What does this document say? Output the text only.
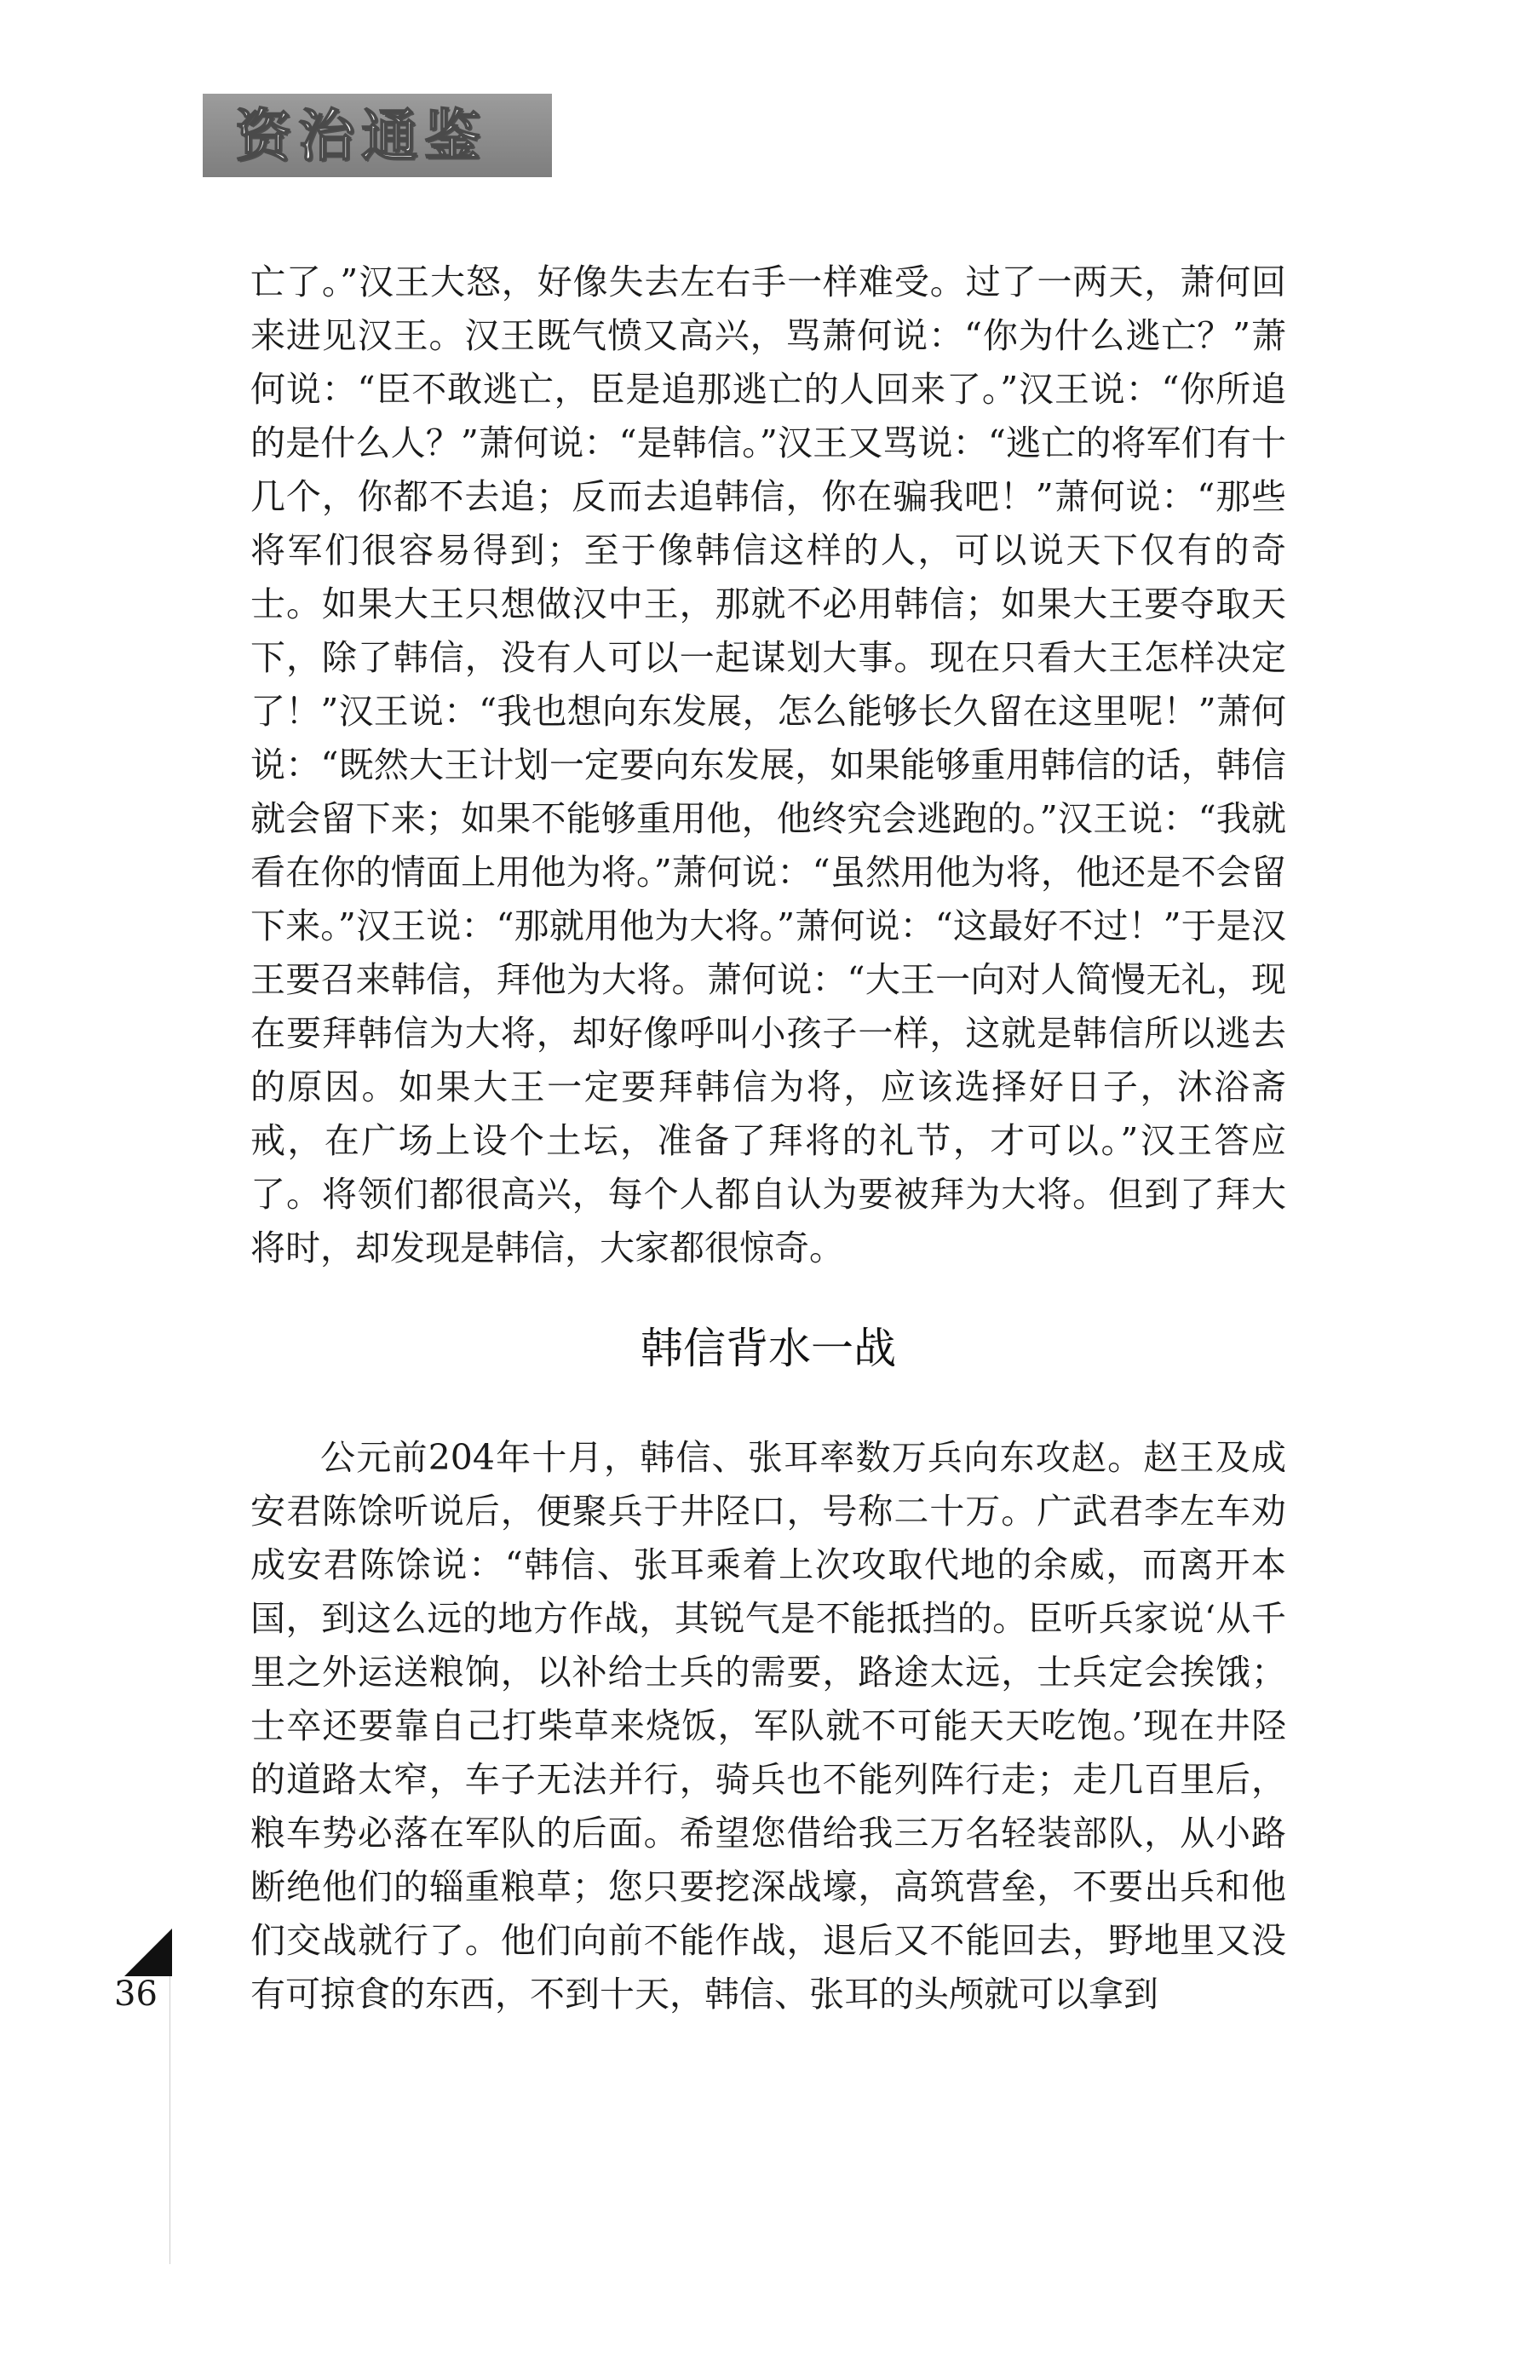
资治通鉴

亡了。”汉王大怒，好像失去左右手一样难受。过了一两天，萧何回来进见汉王。汉王既气愤又高兴，骂萧何说：“你为什么逃亡？”萧何说：“臣不敢逃亡，臣是追那逃亡的人回来了。”汉王说：“你所追的是什么人？”萧何说：“是韩信。”汉王又骂说：“逃亡的将军们有十几个，你都不去追；反而去追韩信，你在骗我吧！”萧何说：“那些将军们很容易得到；至于像韩信这样的人，可以说天下仅有的奇士。如果大王只想做汉中王，那就不必用韩信；如果大王要夺取天下，除了韩信，没有人可以一起谋划大事。现在只看大王怎样决定了！”汉王说：“我也想向东发展，怎么能够长久留在这里呢！”萧何说：“既然大王计划一定要向东发展，如果能够重用韩信的话，韩信就会留下来；如果不能够重用他，他终究会逃跑的。”汉王说：“我就看在你的情面上用他为将。”萧何说：“虽然用他为将，他还是不会留下来。”汉王说：“那就用他为大将。”萧何说：“这最好不过！”于是汉王要召来韩信，拜他为大将。萧何说：“大王一向对人简慢无礼，现在要拜韩信为大将，却好像呼叫小孩子一样，这就是韩信所以逃去的原因。如果大王一定要拜韩信为将，应该选择好日子，沐浴斋戒，在广场上设个土坛，准备了拜将的礼节，才可以。”汉王答应了。将领们都很高兴，每个人都自认为要被拜为大将。但到了拜大将时，却发现是韩信，大家都很惊奇。

韩信背水一战

公元前204年十月，韩信、张耳率数万兵向东攻赵。赵王及成安君陈馀听说后，便聚兵于井陉口，号称二十万。广武君李左车劝成安君陈馀说：“韩信、张耳乘着上次攻取代地的余威，而离开本国，到这么远的地方作战，其锐气是不能抵挡的。臣听兵家说‘从千里之外运送粮饷，以补给士兵的需要，路途太远，士兵定会挨饿；士卒还要靠自己打柴草来烧饭，军队就不可能天天吃饱。’现在井陉的道路太窄，车子无法并行，骑兵也不能列阵行走；走几百里后，粮车势必落在军队的后面。希望您借给我三万名轻装部队，从小路断绝他们的辎重粮草；您只要挖深战壕，高筑营垒，不要出兵和他们交战就行了。他们向前不能作战，退后又不能回去，野地里又没有可掠食的东西，不到十天，韩信、张耳的头颅就可以拿到

36
